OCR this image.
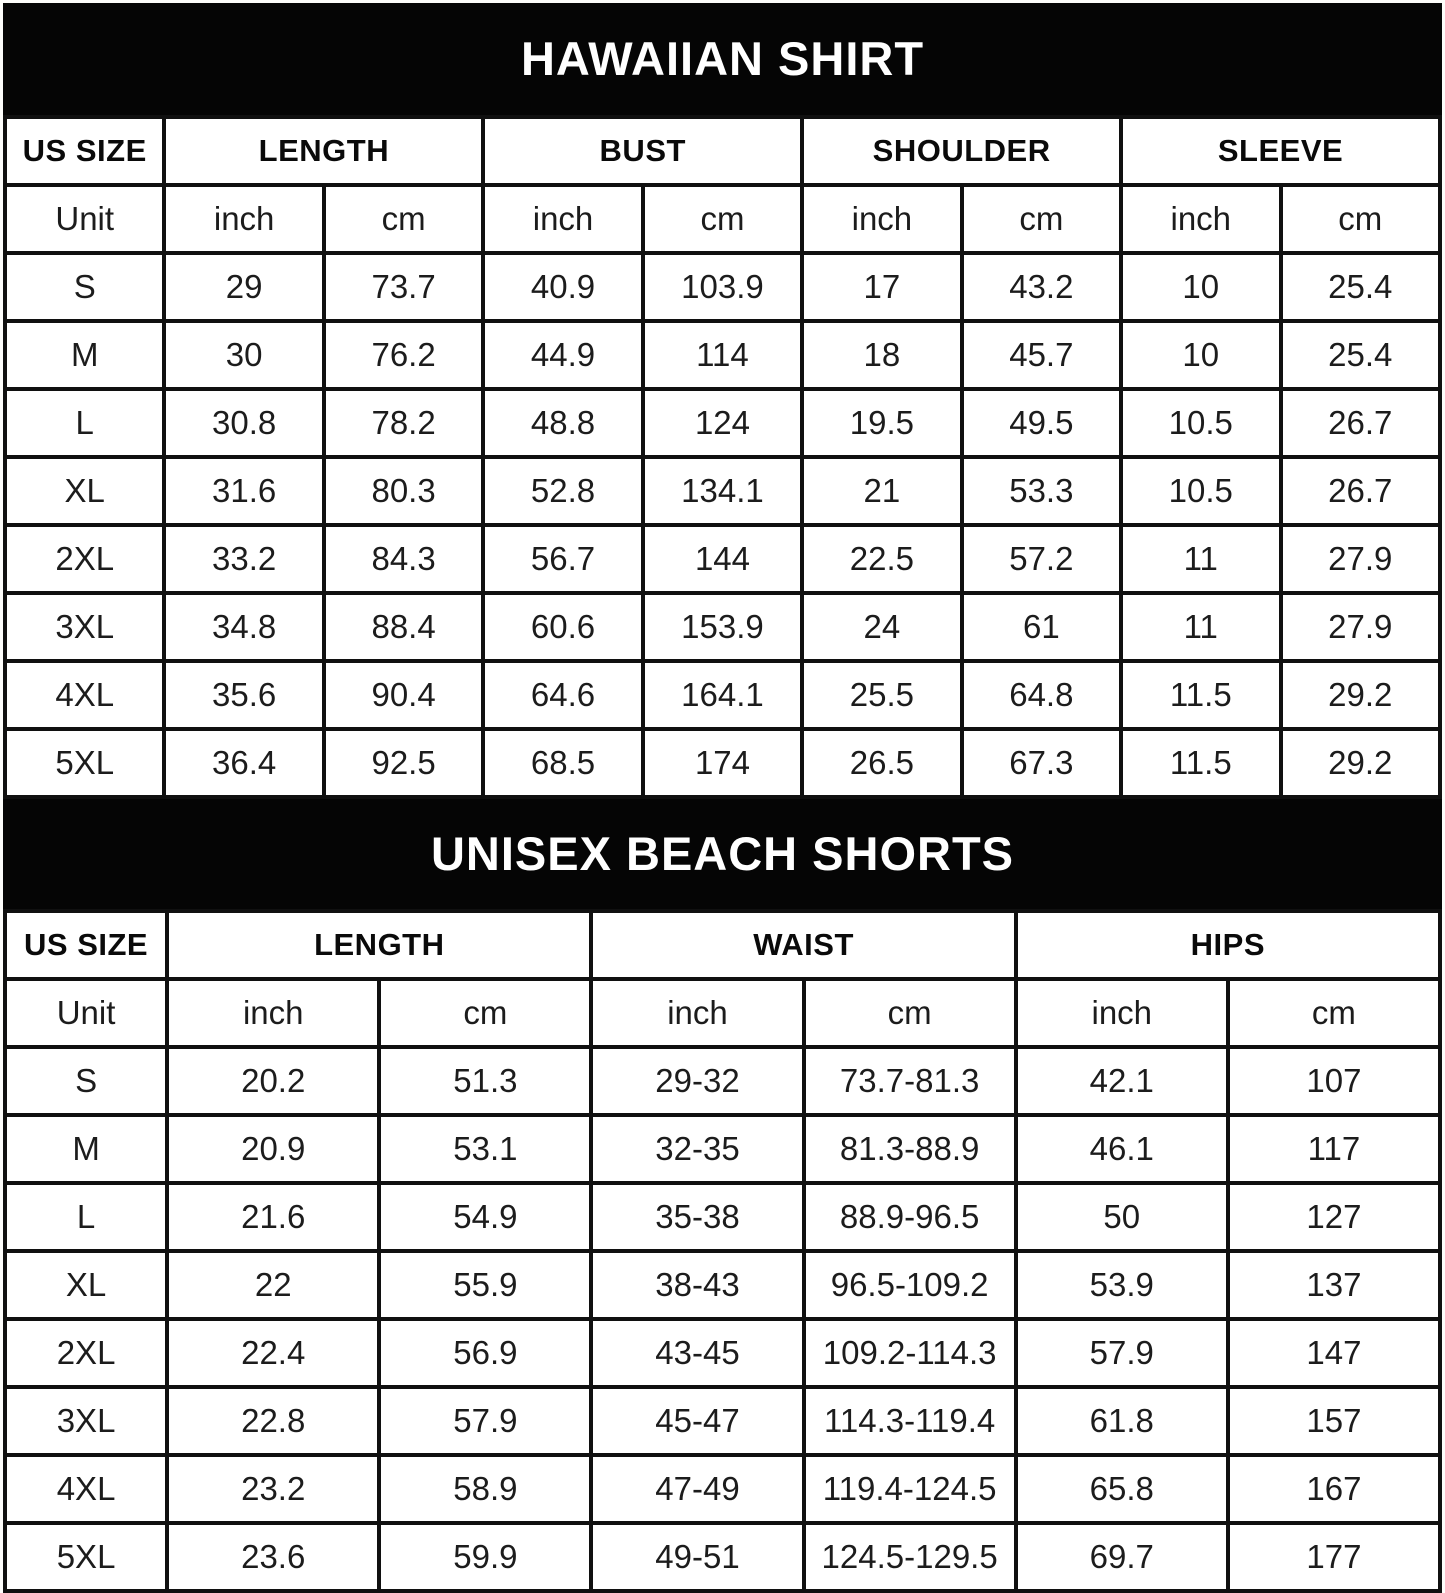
HAWAIIAN SHIRT
US SIZE	LENGTH		BUST		SHOULDER		SLEEVE	
Unit	inch	cm	inch	cm	inch	cm	inch	cm
S	29	73.7	40.9	103.9	17	43.2	10	25.4
M	30	76.2	44.9	114	18	45.7	10	25.4
L	30.8	78.2	48.8	124	19.5	49.5	10.5	26.7
XL	31.6	80.3	52.8	134.1	21	53.3	10.5	26.7
2XL	33.2	84.3	56.7	144	22.5	57.2	11	27.9
3XL	34.8	88.4	60.6	153.9	24	61	11	27.9
4XL	35.6	90.4	64.6	164.1	25.5	64.8	11.5	29.2
5XL	36.4	92.5	68.5	174	26.5	67.3	11.5	29.2
UNISEX BEACH SHORTS
US SIZE	LENGTH		WAIST		HIPS	
Unit	inch	cm	inch	cm	inch	cm
S	20.2	51.3	29-32	73.7-81.3	42.1	107
M	20.9	53.1	32-35	81.3-88.9	46.1	117
L	21.6	54.9	35-38	88.9-96.5	50	127
XL	22	55.9	38-43	96.5-109.2	53.9	137
2XL	22.4	56.9	43-45	109.2-114.3	57.9	147
3XL	22.8	57.9	45-47	114.3-119.4	61.8	157
4XL	23.2	58.9	47-49	119.4-124.5	65.8	167
5XL	23.6	59.9	49-51	124.5-129.5	69.7	177
